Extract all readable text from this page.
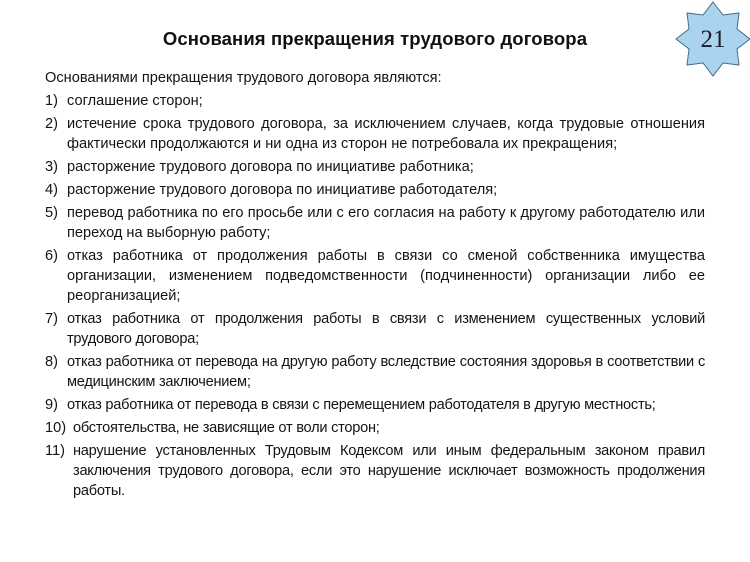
Основания прекращения трудового договора	21
Основаниями прекращения трудового договора являются:
1) соглашение сторон;
2) истечение срока трудового договора, за исключением случаев, когда трудовые отношения фактически продолжаются и ни одна из сторон не потребовала их прекращения;
3) расторжение трудового договора по инициативе работника;
4) расторжение трудового договора по инициативе работодателя;
5) перевод работника по его просьбе или с его согласия на работу к другому работодателю или переход на выборную работу;
6) отказ работника от продолжения работы в связи со сменой собственника имущества организации, изменением подведомственности (подчиненности) организации либо ее реорганизацией;
7) отказ работника от продолжения работы в связи с изменением существенных условий трудового договора;
8) отказ работника от перевода на другую работу вследствие состояния здоровья в соответствии с медицинским заключением;
9) отказ работника от перевода в связи с перемещением работодателя в другую местность;
10) обстоятельства, не зависящие от воли сторон;
11) нарушение установленных Трудовым Кодексом или иным федеральным законом правил заключения трудового договора, если это нарушение исключает возможность продолжения работы.
